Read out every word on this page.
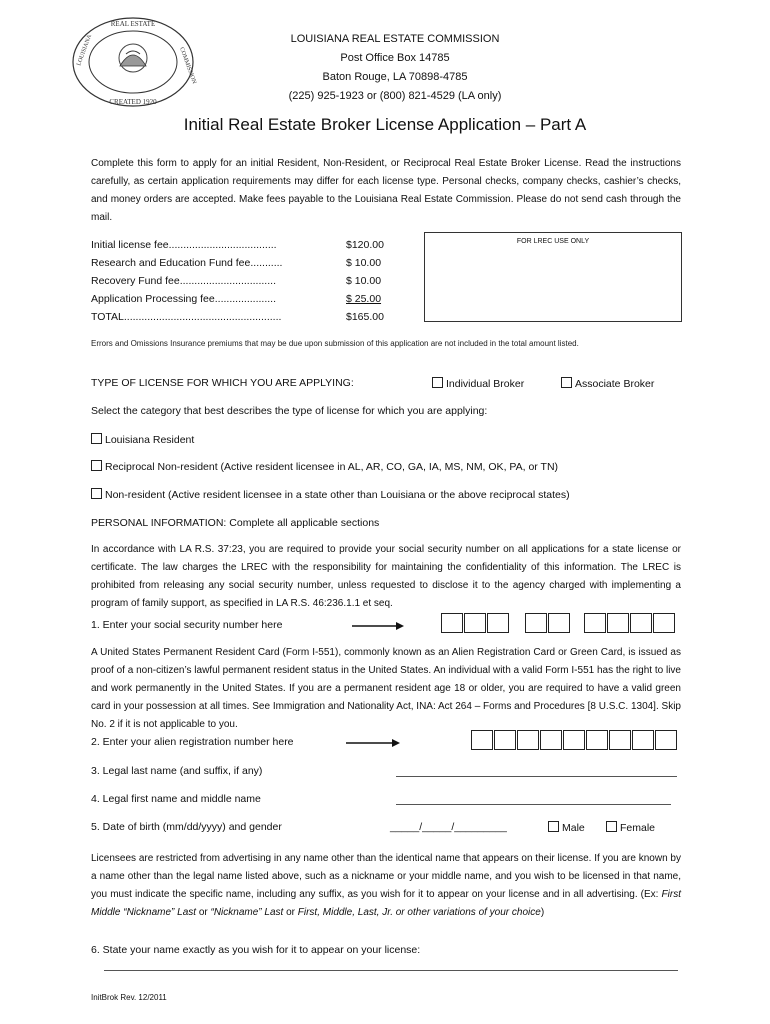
REAL ESTATE
CREATED 1920
LOUISIANA	COMMISSION
LOUISIANA REAL ESTATE COMMISSION
Post Office Box 14785
Baton Rouge, LA 70898-4785
(225) 925-1923 or (800) 821-4529 (LA only)
Initial Real Estate Broker License Application – Part A
Complete this form to apply for an initial Resident, Non-Resident, or Reciprocal Real Estate Broker License. Read the instructions carefully, as certain application requirements may differ for each license type. Personal checks, company checks, cashier’s checks, and money orders are accepted. Make fees payable to the Louisiana Real Estate Commission. Please do not send cash through the mail.
Initial license fee.....................................	$120.00
Research and Education Fund fee...........	$ 10.00
Recovery Fund fee.................................	$ 10.00
Application Processing fee.....................	$ 25.00
TOTAL......................................................	$165.00
FOR LREC USE ONLY
Errors and Omissions Insurance premiums that may be due upon submission of this application are not included in the total amount listed.
TYPE OF LICENSE FOR WHICH YOU ARE APPLYING:	Individual Broker	Associate Broker
Select the category that best describes the type of license for which you are applying:
Louisiana Resident
Reciprocal Non-resident (Active resident licensee in AL, AR, CO, GA, IA, MS, NM, OK, PA, or TN)
Non-resident (Active resident licensee in a state other than Louisiana or the above reciprocal states)
PERSONAL INFORMATION: Complete all applicable sections
In accordance with LA R.S. 37:23, you are required to provide your social security number on all applications for a state license or certificate. The law charges the LREC with the responsibility for maintaining the confidentiality of this information. The LREC is prohibited from releasing any social security number, unless requested to disclose it to the agency charged with implementing a program of family support, as specified in LA R.S. 46:236.1.1 et seq.
1. Enter your social security number here
A United States Permanent Resident Card (Form I-551), commonly known as an Alien Registration Card or Green Card, is issued as proof of a non-citizen’s lawful permanent resident status in the United States. An individual with a valid Form I-551 has the right to live and work permanently in the United States. If you are a permanent resident age 18 or older, you are required to have a valid green card in your possession at all times. See Immigration and Nationality Act, INA: Act 264 – Forms and Procedures [8 U.S.C. 1304]. Skip No. 2 if it is not applicable to you.
2. Enter your alien registration number here
3. Legal last name (and suffix, if any)
4. Legal first name and middle name
5. Date of birth (mm/dd/yyyy) and gender	_____/_____/_________	Male	Female
Licensees are restricted from advertising in any name other than the identical name that appears on their license. If you are known by a name other than the legal name listed above, such as a nickname or your middle name, and you wish to be licensed in that name, you must indicate the specific name, including any suffix, as you wish for it to appear on your license and in all advertising. (Ex: First Middle “Nickname” Last or “Nickname” Last or First, Middle, Last, Jr. or other variations of your choice)
6. State your name exactly as you wish for it to appear on your license:
InitBrok Rev. 12/2011
